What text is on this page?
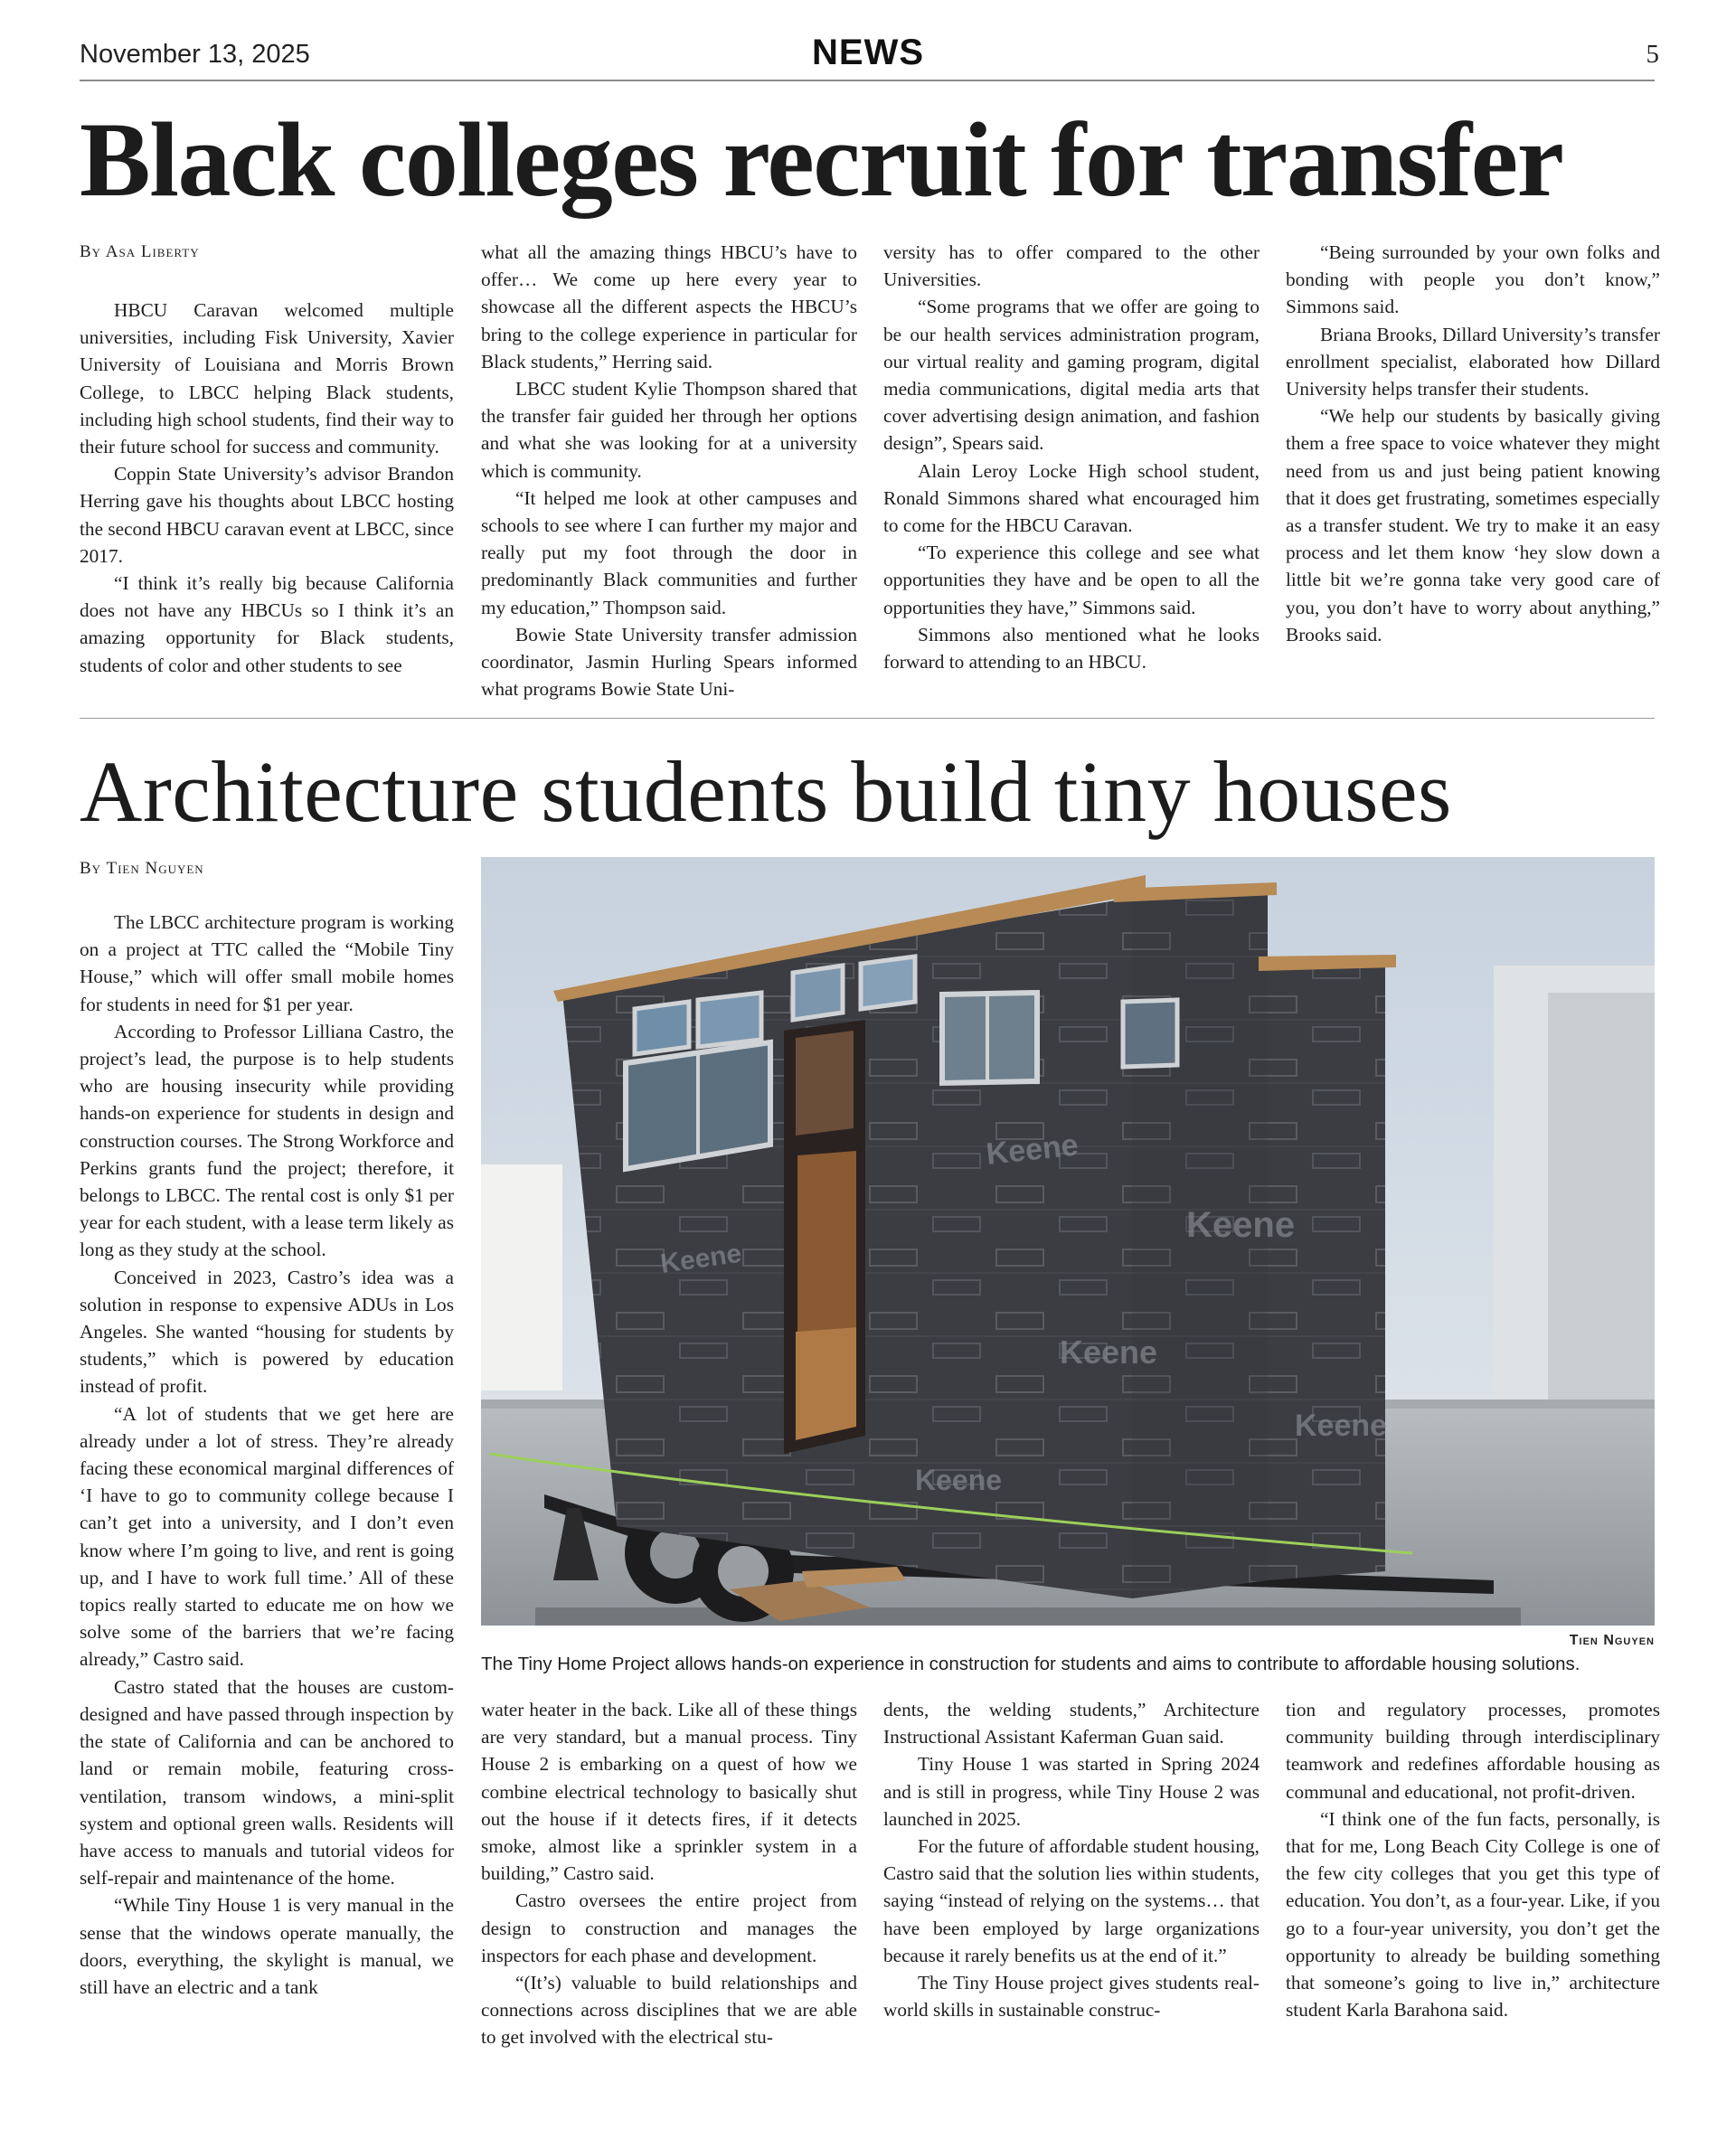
November 13, 2025	NEWS	5
Black colleges recruit for transfer
By Asa Liberty

HBCU Caravan welcomed multiple universities, including Fisk University, Xavier University of Louisiana and Morris Brown College, to LBCC helping Black students, including high school students, find their way to their future school for success and community.

Coppin State University’s advisor Brandon Herring gave his thoughts about LBCC hosting the second HBCU caravan event at LBCC, since 2017.

“I think it’s really big because California does not have any HBCUs so I think it’s an amazing opportunity for Black students, students of color and other students to see

what all the amazing things HBCU’s have to offer… We come up here every year to showcase all the different aspects the HBCU’s bring to the college experience in particular for Black students,” Herring said.

LBCC student Kylie Thompson shared that the transfer fair guided her through her options and what she was looking for at a university which is community.

“It helped me look at other campuses and schools to see where I can further my major and really put my foot through the door in predominantly Black communities and further my education,” Thompson said.

Bowie State University transfer admission coordinator, Jasmin Hurling Spears informed what programs Bowie State Uni-

versity has to offer compared to the other Universities.

“Some programs that we offer are going to be our health services administration program, our virtual reality and gaming program, digital media communications, digital media arts that cover advertising design animation, and fashion design”, Spears said.

Alain Leroy Locke High school student, Ronald Simmons shared what encouraged him to come for the HBCU Caravan.

“To experience this college and see what opportunities they have and be open to all the opportunities they have,” Simmons said.

Simmons also mentioned what he looks forward to attending to an HBCU.

“Being surrounded by your own folks and bonding with people you don’t know,” Simmons said.

Briana Brooks, Dillard University’s transfer enrollment specialist, elaborated how Dillard University helps transfer their students.

“We help our students by basically giving them a free space to voice whatever they might need from us and just being patient knowing that it does get frustrating, sometimes especially as a transfer student. We try to make it an easy process and let them know ‘hey slow down a little bit we’re gonna take very good care of you, you don’t have to worry about anything,” Brooks said.

Architecture students build tiny houses
By Tien Nguyen

The LBCC architecture program is working on a project at TTC called the “Mobile Tiny House,” which will offer small mobile homes for students in need for $1 per year.

According to Professor Lilliana Castro, the project’s lead, the purpose is to help students who are housing insecurity while providing hands-on experience for students in design and construction courses. The Strong Workforce and Perkins grants fund the project; therefore, it belongs to LBCC. The rental cost is only $1 per year for each student, with a lease term likely as long as they study at the school.

Conceived in 2023, Castro’s idea was a solution in response to expensive ADUs in Los Angeles. She wanted “housing for students by students,” which is powered by education instead of profit.

“A lot of students that we get here are already under a lot of stress. They’re already facing these economical marginal differences of ‘I have to go to community college because I can’t get into a university, and I don’t even know where I’m going to live, and rent is going up, and I have to work full time.’ All of these topics really started to educate me on how we solve some of the barriers that we’re facing already,” Castro said.

Castro stated that the houses are custom-designed and have passed through inspection by the state of California and can be anchored to land or remain mobile, featuring cross-ventilation, transom windows, a mini-split system and optional green walls. Residents will have access to manuals and tutorial videos for self-repair and maintenance of the home.

“While Tiny House 1 is very manual in the sense that the windows operate manually, the doors, everything, the skylight is manual, we still have an electric and a tank

Keene
Keene
Keene
Keene
Keene
Keene
Tien Nguyen
The Tiny Home Project allows hands-on experience in construction for students and aims to contribute to affordable housing solutions.

water heater in the back. Like all of these things are very standard, but a manual process. Tiny House 2 is embarking on a quest of how we combine electrical technology to basically shut out the house if it detects fires, if it detects smoke, almost like a sprinkler system in a building,” Castro said.

Castro oversees the entire project from design to construction and manages the inspectors for each phase and development.

“(It’s) valuable to build relationships and connections across disciplines that we are able to get involved with the electrical stu-

dents, the welding students,” Architecture Instructional Assistant Kaferman Guan said.

Tiny House 1 was started in Spring 2024 and is still in progress, while Tiny House 2 was launched in 2025.

For the future of affordable student housing, Castro said that the solution lies within students, saying “instead of relying on the systems… that have been employed by large organizations because it rarely benefits us at the end of it.”

The Tiny House project gives students real-world skills in sustainable construc-

tion and regulatory processes, promotes community building through interdisciplinary teamwork and redefines affordable housing as communal and educational, not profit-driven.

“I think one of the fun facts, personally, is that for me, Long Beach City College is one of the few city colleges that you get this type of education. You don’t, as a four-year. Like, if you go to a four-year university, you don’t get the opportunity to already be building something that someone’s going to live in,” architecture student Karla Barahona said.
